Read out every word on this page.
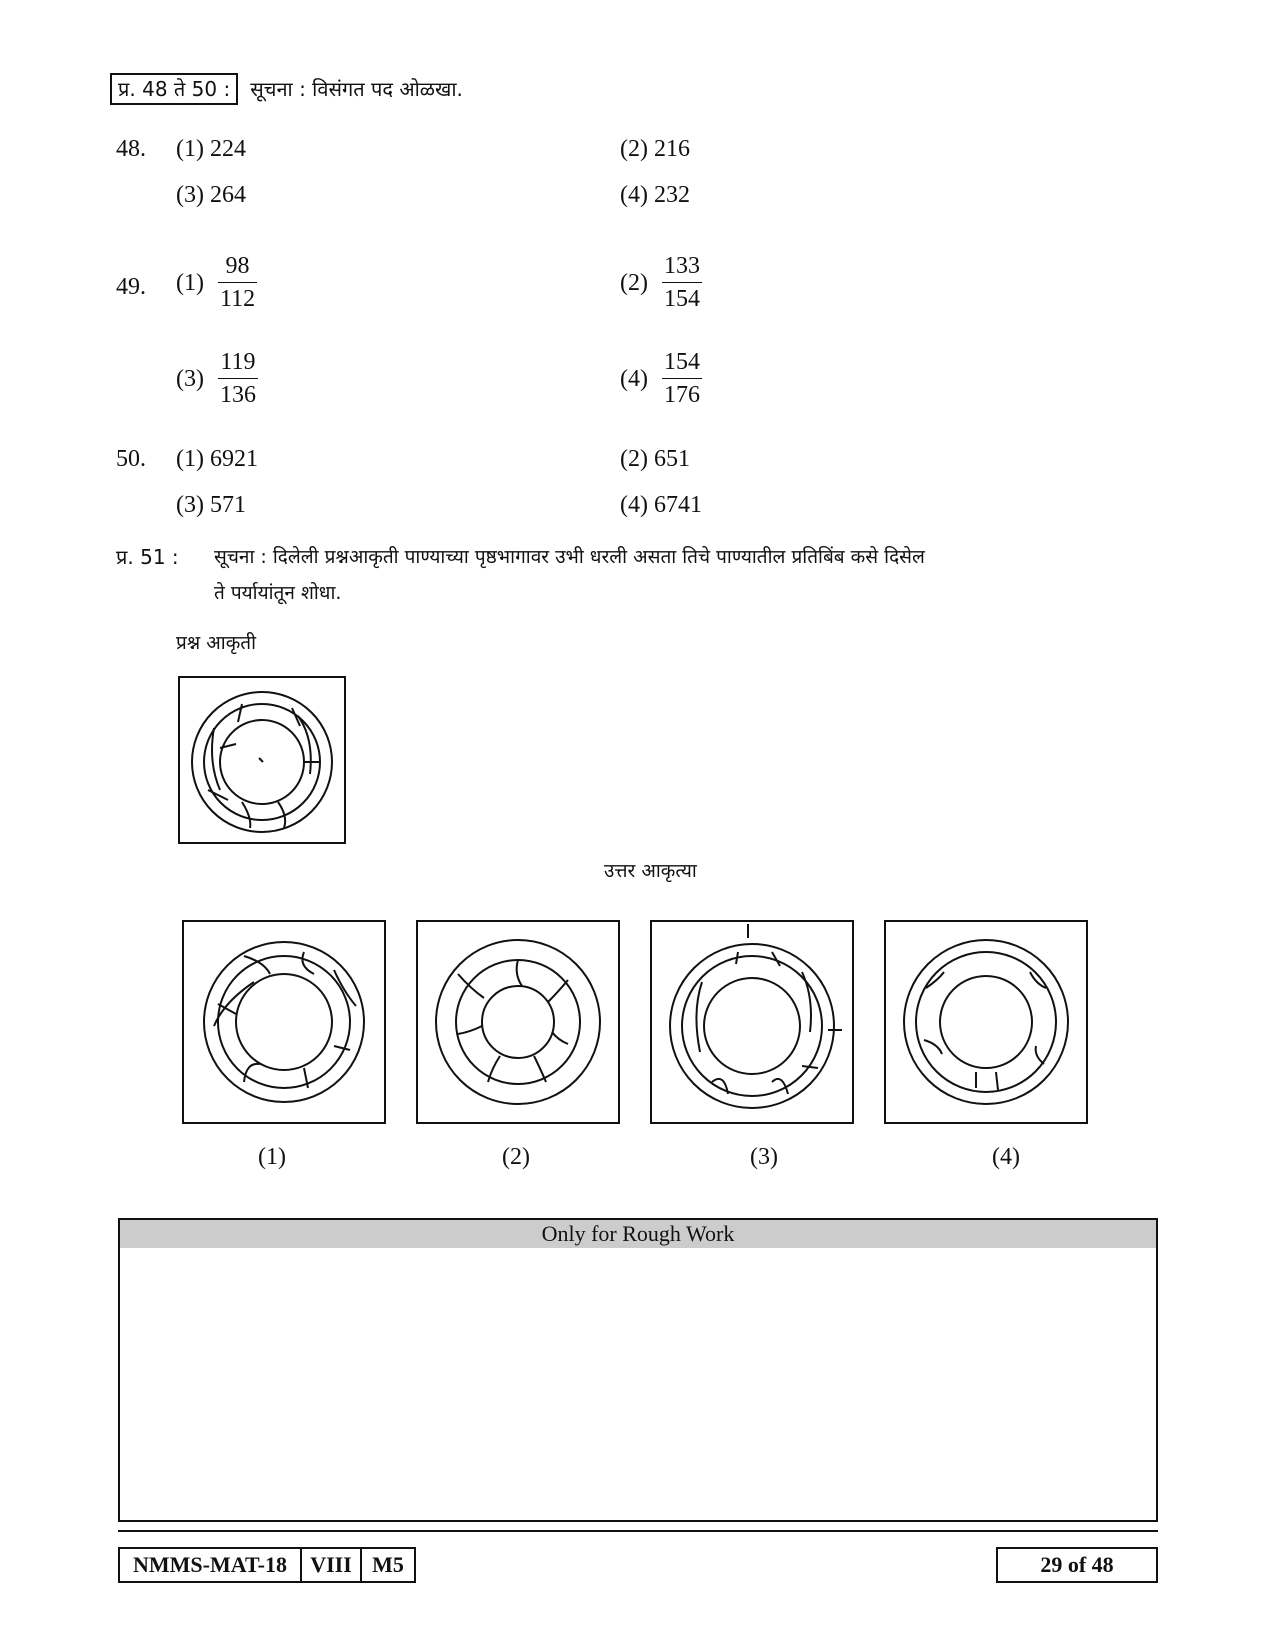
प्र. 48 ते 50 : सूचना : विसंगत पद ओळखा.
48. (1) 224	(2) 216
(3) 264	(4) 232
49. $(1) \frac{98}{112}$	$(2) \frac{133}{154}$
$(3) \frac{119}{136}$	$(4) \frac{154}{176}$
50. (1) 6921	(2) 651
(3) 571	(4) 6741
प्र. 51 : सूचना : दिलेली प्रश्नआकृती पाण्याच्या पृष्ठभागावर उभी धरली असता तिचे पाण्यातील प्रतिबिंब कसे दिसेल
ते पर्यायांतून शोधा.
प्रश्न आकृती
उत्तर आकृत्या
(1)	(2)	(3)	(4)
Only for Rough Work
NMMS-MAT-18	VIII M5	29 of 48
